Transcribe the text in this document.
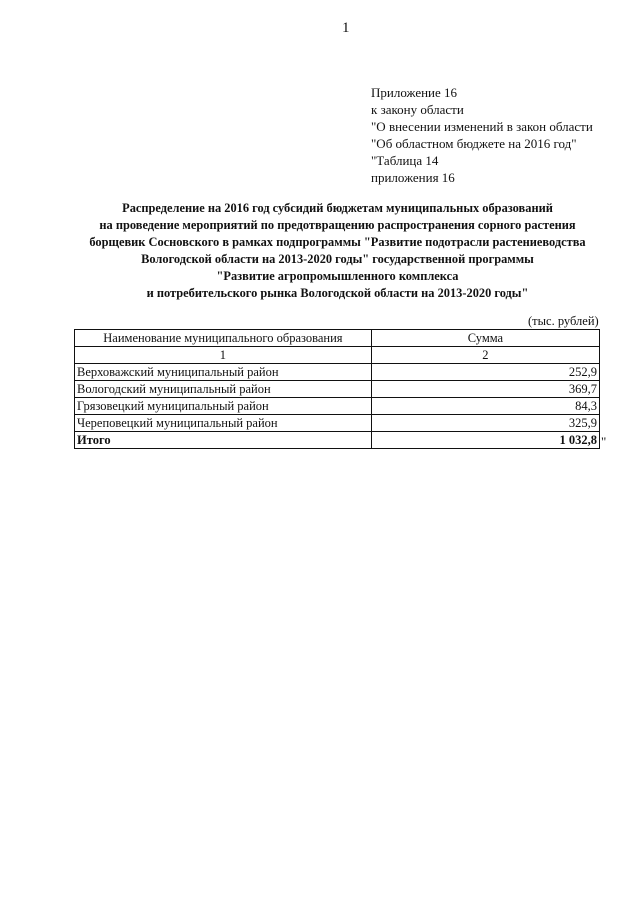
1
Приложение 16
к закону области
"О внесении изменений в закон области
"Об областном бюджете на 2016 год"
"Таблица 14
приложения 16
Распределение на 2016 год субсидий бюджетам муниципальных образований
на проведение мероприятий по предотвращению распространения сорного растения
борщевик Сосновского в рамках подпрограммы "Развитие подотрасли растениеводства
Вологодской области на 2013-2020 годы" государственной программы
"Развитие агропромышленного комплекса
и потребительского рынка Вологодской области на 2013-2020 годы"
(тыс. рублей)
Наименование муниципального образования	Сумма
1	2
Верховажский муниципальный район	252,9
Вологодский муниципальный район	369,7
Грязовецкий муниципальный район	84,3
Череповецкий муниципальный район	325,9
Итого	1 032,8 "
